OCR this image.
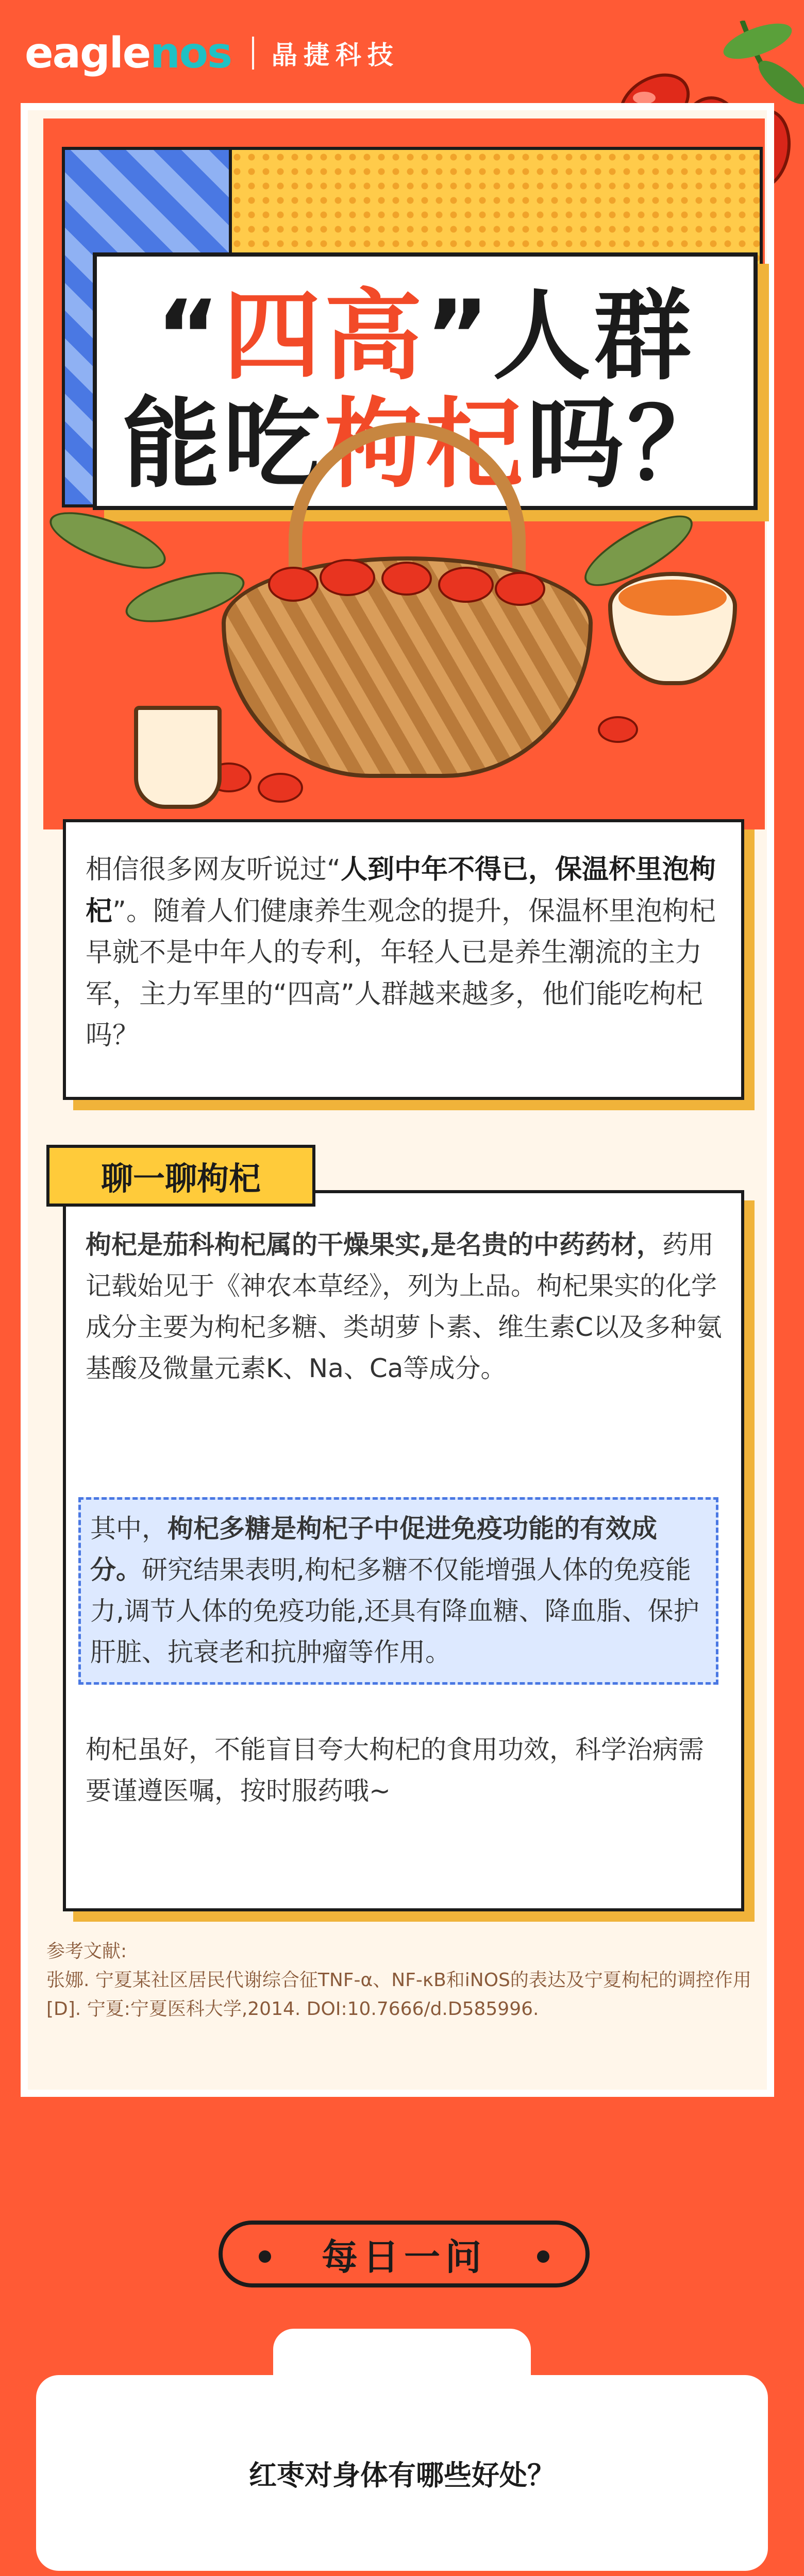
eaglenos 晶捷科技
“四高”人群
能吃枸杞吗？
相信很多网友听说过“人到中年不得已，保温杯里泡枸杞”。随着人们健康养生观念的提升，保温杯里泡枸杞早就不是中年人的专利，年轻人已是养生潮流的主力军，主力军里的“四高”人群越来越多，他们能吃枸杞吗？
枸杞是茄科枸杞属的干燥果实,是名贵的中药药材，药用记载始见于《神农本草经》，列为上品。枸杞果实的化学成分主要为枸杞多糖、类胡萝卜素、维生素C以及多种氨基酸及微量元素K、Na、Ca等成分。
其中，枸杞多糖是枸杞子中促进免疫功能的有效成分。研究结果表明,枸杞多糖不仅能增强人体的免疫能力,调节人体的免疫功能,还具有降血糖、降血脂、保护肝脏、抗衰老和抗肿瘤等作用。
枸杞虽好，不能盲目夸大枸杞的食用功效，科学治病需要谨遵医嘱，按时服药哦~
聊一聊枸杞
参考文献:
张娜. 宁夏某社区居民代谢综合征TNF-α、NF-κB和iNOS的表达及宁夏枸杞的调控作用[D]. 宁夏:宁夏医科大学,2014. DOI:10.7666/d.D585996.
每日一问
红枣对身体有哪些好处？
